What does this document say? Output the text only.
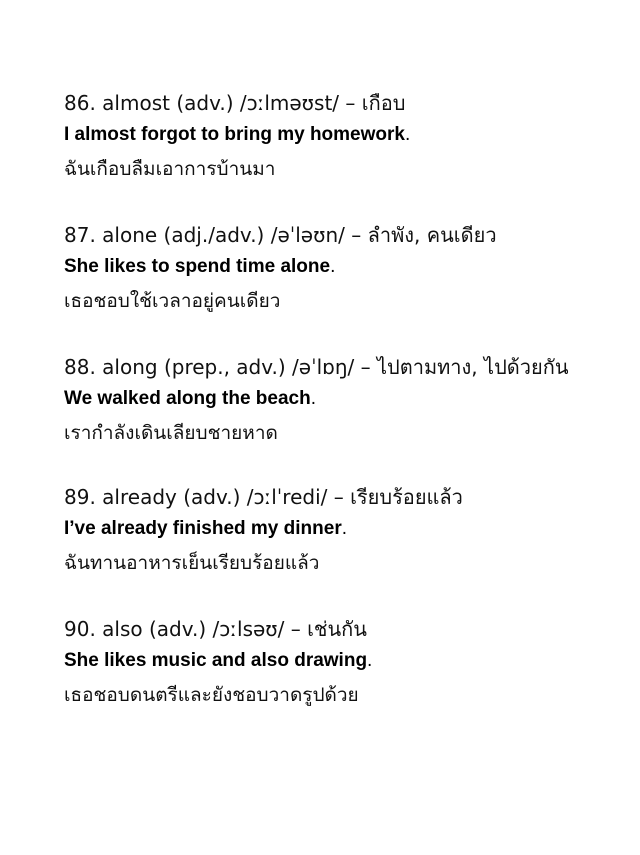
86. almost (adv.) /ɔːlməʊst/ – เกือบ

I almost forgot to bring my homework.

ฉันเกือบลืมเอาการบ้านมา

87. alone (adj./adv.) /əˈləʊn/ – ลำพัง, คนเดียว

She likes to spend time alone.

เธอชอบใช้เวลาอยู่คนเดียว

88. along (prep., adv.) /əˈlɒŋ/ – ไปตามทาง, ไปด้วยกัน

We walked along the beach.

เรากำลังเดินเลียบชายหาด

89. already (adv.) /ɔːlˈredi/ – เรียบร้อยแล้ว

I’ve already finished my dinner.

ฉันทานอาหารเย็นเรียบร้อยแล้ว

90. also (adv.) /ɔːlsəʊ/ – เช่นกัน

She likes music and also drawing.

เธอชอบดนตรีและยังชอบวาดรูปด้วย
